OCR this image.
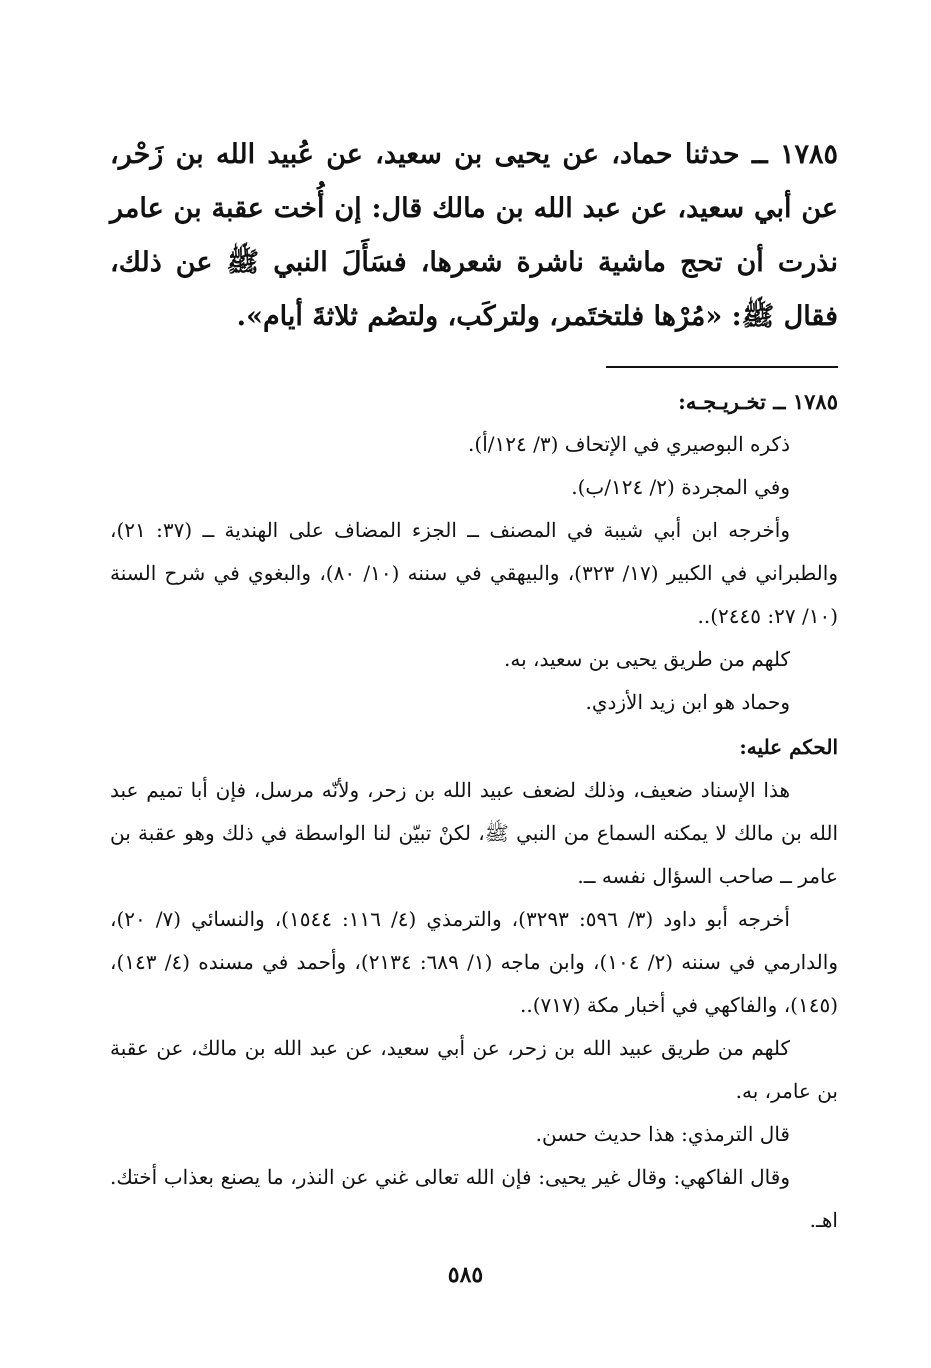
١٧٨٥ ــ حدثنا حماد، عن يحيى بن سعيد، عن عُبيد الله بن زَحْر، عن أبي سعيد، عن عبد الله بن مالك قال: إن أُخت عقبة بن عامر نذرت أن تحج ماشية ناشرة شعرها، فسَأَلَ النبي ﷺ عن ذلك، فقال ﷺ: «مُرْها فلتختَمر، ولتركَب، ولتصُم ثلاثةَ أيام».

١٧٨٥ ــ تخـريـجـه:

ذكره البوصيري في الإتحاف (٣/ ١٢٤/أ).

وفي المجردة (٢/ ١٢٤/ب).

وأخرجه ابن أبي شيبة في المصنف ــ الجزء المضاف على الهندية ــ (٣٧: ٢١)، والطبراني في الكبير (١٧/ ٣٢٣)، والبيهقي في سننه (١٠/ ٨٠)، والبغوي في شرح السنة (١٠/ ٢٧: ٢٤٤٥)..

كلهم من طريق يحيى بن سعيد، به.

وحماد هو ابن زيد الأزدي.

الحكم عليه:

هذا الإسناد ضعيف، وذلك لضعف عبيد الله بن زحر، ولأنّه مرسل، فإن أبا تميم عبد الله بن مالك لا يمكنه السماع من النبي ﷺ، لكنْ تبيّن لنا الواسطة في ذلك وهو عقبة بن عامر ــ صاحب السؤال نفسه ــ.

أخرجه أبو داود (٣/ ٥٩٦: ٣٢٩٣)، والترمذي (٤/ ١١٦: ١٥٤٤)، والنسائي (٧/ ٢٠)، والدارمي في سننه (٢/ ١٠٤)، وابن ماجه (١/ ٦٨٩: ٢١٣٤)، وأحمد في مسنده (٤/ ١٤٣)، (١٤٥)، والفاكهي في أخبار مكة (٧١٧)..

كلهم من طريق عبيد الله بن زحر، عن أبي سعيد، عن عبد الله بن مالك، عن عقبة بن عامر، به.

قال الترمذي: هذا حديث حسن.

وقال الفاكهي: وقال غير يحيى: فإن الله تعالى غني عن النذر، ما يصنع بعذاب أختك. اهـ.

٥٨٥
